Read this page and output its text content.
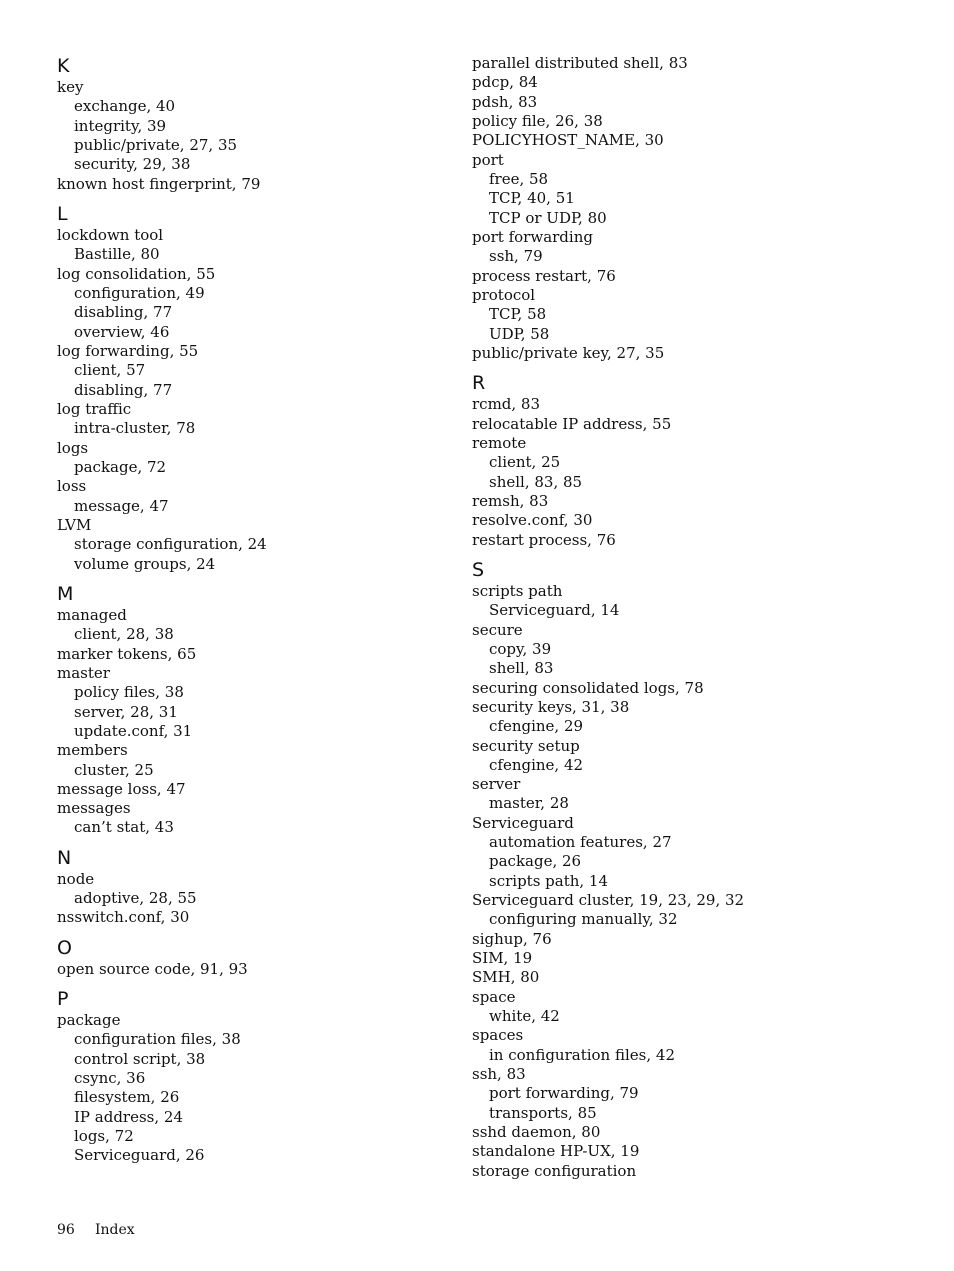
K
key
exchange, 40
integrity, 39
public/private, 27, 35
security, 29, 38
known host fingerprint, 79
L
lockdown tool
Bastille, 80
log consolidation, 55
configuration, 49
disabling, 77
overview, 46
log forwarding, 55
client, 57
disabling, 77
log traffic
intra-cluster, 78
logs
package, 72
loss
message, 47
LVM
storage configuration, 24
volume groups, 24
M
managed
client, 28, 38
marker tokens, 65
master
policy files, 38
server, 28, 31
update.conf, 31
members
cluster, 25
message loss, 47
messages
can’t stat, 43
N
node
adoptive, 28, 55
nsswitch.conf, 30
O
open source code, 91, 93
P
package
configuration files, 38
control script, 38
csync, 36
filesystem, 26
IP address, 24
logs, 72
Serviceguard, 26
parallel distributed shell, 83
pdcp, 84
pdsh, 83
policy file, 26, 38
POLICYHOST_NAME, 30
port
free, 58
TCP, 40, 51
TCP or UDP, 80
port forwarding
ssh, 79
process restart, 76
protocol
TCP, 58
UDP, 58
public/private key, 27, 35
R
rcmd, 83
relocatable IP address, 55
remote
client, 25
shell, 83, 85
remsh, 83
resolve.conf, 30
restart process, 76
S
scripts path
Serviceguard, 14
secure
copy, 39
shell, 83
securing consolidated logs, 78
security keys, 31, 38
cfengine, 29
security setup
cfengine, 42
server
master, 28
Serviceguard
automation features, 27
package, 26
scripts path, 14
Serviceguard cluster, 19, 23, 29, 32
configuring manually, 32
sighup, 76
SIM, 19
SMH, 80
space
white, 42
spaces
in configuration files, 42
ssh, 83
port forwarding, 79
transports, 85
sshd daemon, 80
standalone HP-UX, 19
storage configuration
96 Index
